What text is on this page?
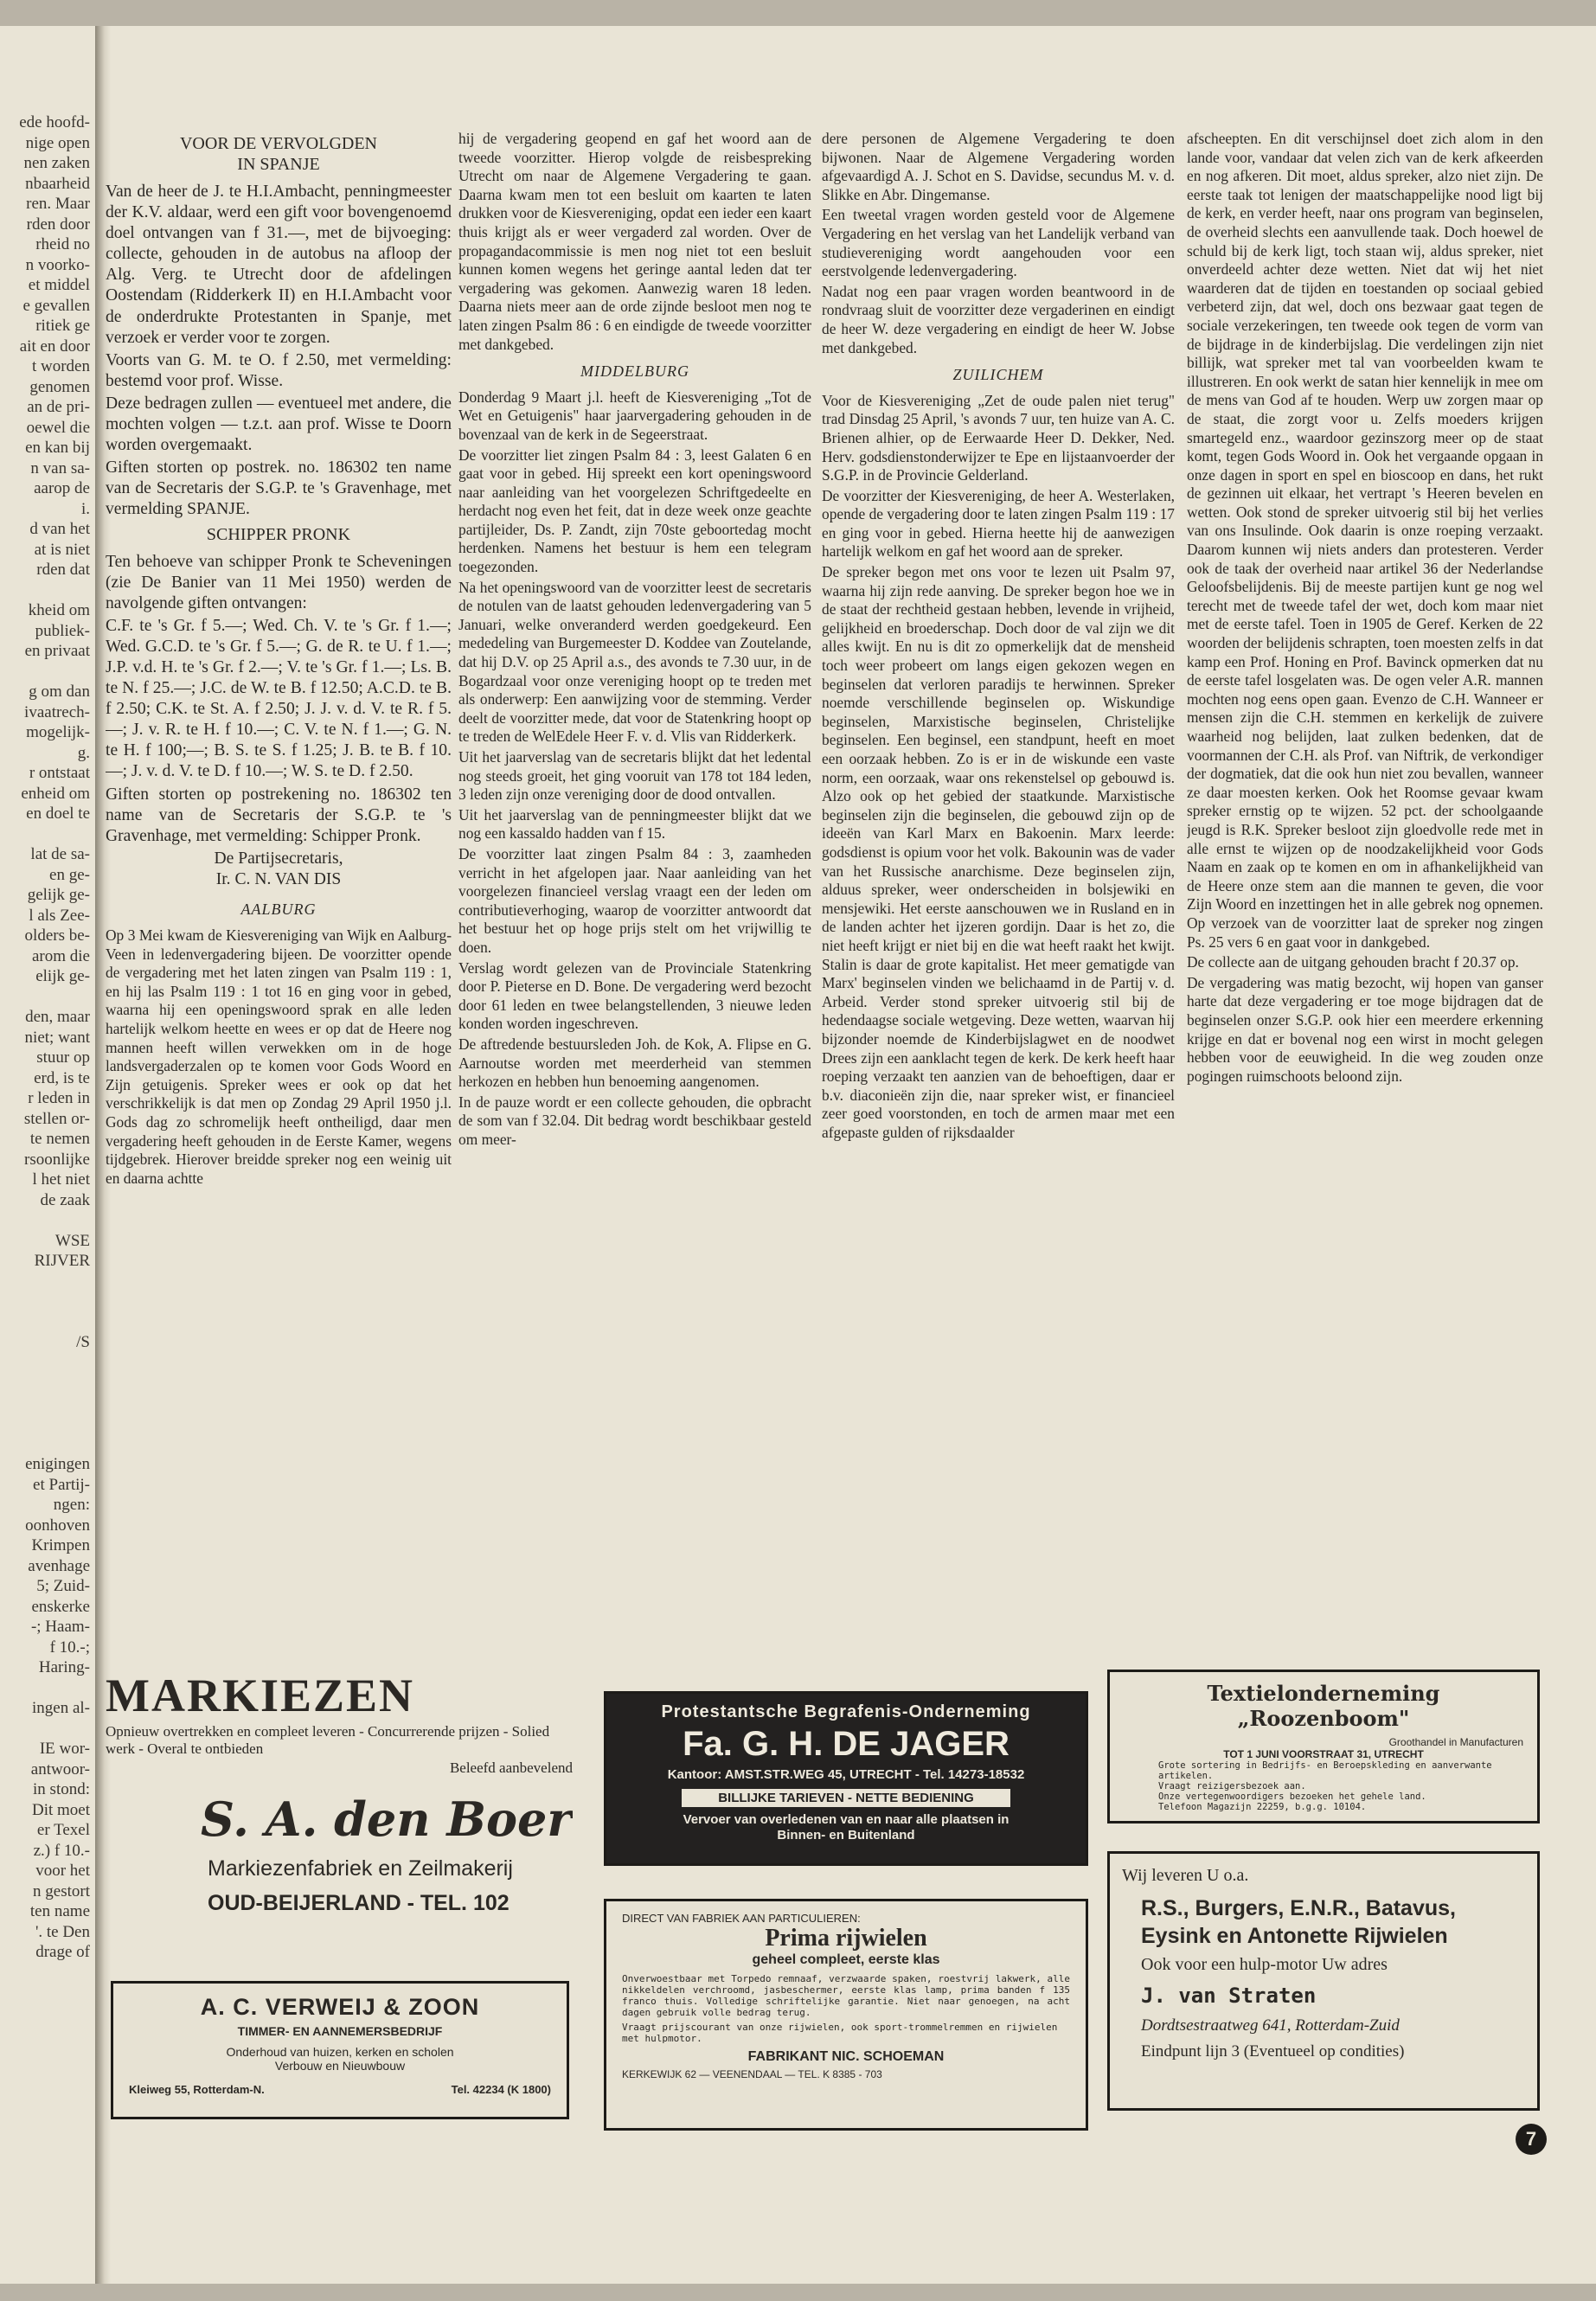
ede hoofd-
nige open
nen zaken
nbaarheid
ren. Maar
rden door
rheid no
n voorko-
et middel
e gevallen
ritiek ge
ait en door
t worden
genomen
an de pri-
oewel die
en kan bij
n van sa-
aarop de
i.
d van het
at is niet
rden dat

kheid om
publiek-
en privaat

g om dan
ivaatrech-
mogelijk-
g.
r ontstaat
enheid om
en doel te

lat de sa-
en ge-
gelijk ge-
l als Zee-
olders be-
arom die
elijk ge-

den, maar
niet; want
stuur op
erd, is te
r leden in
stellen or-
te nemen
rsoonlijke
l het niet
de zaak

WSE
RIJVER

/S

enigingen
et Partij-
ngen:
oonhoven
Krimpen
avenhage
5; Zuid-
enskerke
-; Haam-
f 10.-;
Haring-

ingen al-

IE wor-
antwoor-
in stond:
Dit moet
er Texel
z.) f 10.-
voor het
n gestort
ten name
'. te Den
drage of
VOOR DE VERVOLGDEN
IN SPANJE

Van de heer de J. te H.I.Ambacht, penningmeester der K.V. aldaar, werd een gift voor bovengenoemd doel ontvangen van f 31.—, met de bijvoeging: collecte, gehouden in de autobus na afloop der Alg. Verg. te Utrecht door de afdelingen Oostendam (Ridderkerk II) en H.I.Ambacht voor de onderdrukte Protestanten in Spanje, met verzoek er verder voor te zorgen.

Voorts van G. M. te O. f 2.50, met vermelding: bestemd voor prof. Wisse.

Deze bedragen zullen — eventueel met andere, die mochten volgen — t.z.t. aan prof. Wisse te Doorn worden overgemaakt.

Giften storten op postrek. no. 186302 ten name van de Secretaris der S.G.P. te 's Gravenhage, met vermelding SPANJE.

SCHIPPER PRONK

Ten behoeve van schipper Pronk te Scheveningen (zie De Banier van 11 Mei 1950) werden de navolgende giften ontvangen:

C.F. te 's Gr. f 5.—; Wed. Ch. V. te 's Gr. f 1.—; Wed. G.C.D. te 's Gr. f 5.—; G. de R. te U. f 1.—; J.P. v.d. H. te 's Gr. f 2.—; V. te 's Gr. f 1.—; Ls. B. te N. f 25.—; J.C. de W. te B. f 12.50; A.C.D. te B. f 2.50; C.K. te St. A. f 2.50; J. J. v. d. V. te R. f 5.—; J. v. R. te H. f 10.—; C. V. te N. f 1.—; G. N. te H. f 100;—; B. S. te S. f 1.25; J. B. te B. f 10.—; J. v. d. V. te D. f 10.—; W. S. te D. f 2.50.

Giften storten op postrekening no. 186302 ten name van de Secretaris der S.G.P. te 's Gravenhage, met vermelding: Schipper Pronk.

De Partijsecretaris,
Ir. C. N. VAN DIS
AALBURG

Op 3 Mei kwam de Kiesvereniging van Wijk en Aalburg-Veen in ledenvergadering bijeen. De voorzitter opende de vergadering met het laten zingen van Psalm 119 : 1, en hij las Psalm 119 : 1 tot 16 en ging voor in gebed, waarna hij een openingswoord sprak en alle leden hartelijk welkom heette en wees er op dat de Heere nog mannen heeft willen verwekken om in de hoge landsvergaderzalen op te komen voor Gods Woord en Zijn getuigenis. Spreker wees er ook op dat het verschrikkelijk is dat men op Zondag 29 April 1950 j.l. Gods dag zo schromelijk heeft ontheiligd, daar men vergadering heeft gehouden in de Eerste Kamer, wegens tijdgebrek. Hierover breidde spreker nog een weinig uit en daarna achtte

hij de vergadering geopend en gaf het woord aan de tweede voorzitter. Hierop volgde de reisbespreking Utrecht om naar de Algemene Vergadering te gaan. Daarna kwam men tot een besluit om kaarten te laten drukken voor de Kiesvereniging, opdat een ieder een kaart thuis krijgt als er weer vergaderd zal worden. Over de propagandacommissie is men nog niet tot een besluit kunnen komen wegens het geringe aantal leden dat ter vergadering was gekomen. Aanwezig waren 18 leden. Daarna niets meer aan de orde zijnde besloot men nog te laten zingen Psalm 86 : 6 en eindigde de tweede voorzitter met dankgebed.

MIDDELBURG

Donderdag 9 Maart j.l. heeft de Kiesvereniging „Tot de Wet en Getuigenis" haar jaarvergadering gehouden in de bovenzaal van de kerk in de Segeerstraat.

De voorzitter liet zingen Psalm 84 : 3, leest Galaten 6 en gaat voor in gebed. Hij spreekt een kort openingswoord naar aanleiding van het voorgelezen Schriftgedeelte en herdacht nog even het feit, dat in deze week onze geachte partijleider, Ds. P. Zandt, zijn 70ste geboortedag mocht herdenken. Namens het bestuur is hem een telegram toegezonden.

Na het openingswoord van de voorzitter leest de secretaris de notulen van de laatst gehouden ledenvergadering van 5 Januari, welke onveranderd werden goedgekeurd. Een mededeling van Burgemeester D. Koddee van Zoutelande, dat hij D.V. op 25 April a.s., des avonds te 7.30 uur, in de Bogardzaal voor onze vereniging hoopt op te treden met als onderwerp: Een aanwijzing voor de stemming. Verder deelt de voorzitter mede, dat voor de Statenkring hoopt op te treden de WelEdele Heer F. v. d. Vlis van Ridderkerk.

Uit het jaarverslag van de secretaris blijkt dat het ledental nog steeds groeit, het ging vooruit van 178 tot 184 leden, 3 leden zijn onze vereniging door de dood ontvallen.

Uit het jaarverslag van de penningmeester blijkt dat we nog een kassaldo hadden van f 15.

De voorzitter laat zingen Psalm 84 : 3, zaamheden verricht in het afgelopen jaar. Naar aanleiding van het voorgelezen financieel verslag vraagt een der leden om contributieverhoging, waarop de voorzitter antwoordt dat het bestuur het op hoge prijs stelt om het vrijwillig te doen.

Verslag wordt gelezen van de Provinciale Statenkring door P. Pieterse en D. Bone. De vergadering werd bezocht door 61 leden en twee belangstellenden, 3 nieuwe leden konden worden ingeschreven.

De aftredende bestuursleden Joh. de Kok, A. Flipse en G. Aarnoutse worden met meerderheid van stemmen herkozen en hebben hun benoeming aangenomen.

In de pauze wordt er een collecte gehouden, die opbracht de som van f 32.04. Dit bedrag wordt beschikbaar gesteld om meer-

dere personen de Algemene Vergadering te doen bijwonen. Naar de Algemene Vergadering worden afgevaardigd A. J. Schot en S. Davidse, secundus M. v. d. Slikke en Abr. Dingemanse.

Een tweetal vragen worden gesteld voor de Algemene Vergadering en het verslag van het Landelijk verband van studievereniging wordt aangehouden voor een eerstvolgende ledenvergadering.

Nadat nog een paar vragen worden beantwoord in de rondvraag sluit de voorzitter deze vergaderinen en eindigt de heer W. deze vergadering en eindigt de heer W. Jobse met dankgebed.

ZUILICHEM

Voor de Kiesvereniging „Zet de oude palen niet terug" trad Dinsdag 25 April, 's avonds 7 uur, ten huize van A. C. Brienen alhier, op de Eerwaarde Heer D. Dekker, Ned. Herv. godsdienstonderwijzer te Epe en lijstaanvoerder der S.G.P. in de Provincie Gelderland.

De voorzitter der Kiesvereniging, de heer A. Westerlaken, opende de vergadering door te laten zingen Psalm 119 : 17 en ging voor in gebed. Hierna heette hij de aanwezigen hartelijk welkom en gaf het woord aan de spreker.

De spreker begon met ons voor te lezen uit Psalm 97, waarna hij zijn rede aanving. De spreker begon hoe we in de staat der rechtheid gestaan hebben, levende in vrijheid, gelijkheid en broederschap. Doch door de val zijn we dit alles kwijt. En nu is dit zo opmerkelijk dat de mensheid toch weer probeert om langs eigen gekozen wegen en beginselen dat verloren paradijs te herwinnen. Spreker noemde verschillende beginselen op. Wiskundige beginselen, Marxistische beginselen, Christelijke beginselen. Een beginsel, een standpunt, heeft en moet een oorzaak hebben. Zo is er in de wiskunde een vaste norm, een oorzaak, waar ons rekenstelsel op gebouwd is. Alzo ook op het gebied der staatkunde. Marxistische beginselen zijn die beginselen, die gebouwd zijn op de ideeën van Karl Marx en Bakoenin. Marx leerde: godsdienst is opium voor het volk. Bakounin was de vader van het Russische anarchisme. Deze beginselen zijn, alduus spreker, weer onderscheiden in bolsjewiki en mensjewiki. Het eerste aanschouwen we in Rusland en in de landen achter het ijzeren gordijn. Daar is het zo, die niet heeft krijgt er niet bij en die wat heeft raakt het kwijt. Stalin is daar de grote kapitalist. Het meer gematigde van Marx' beginselen vinden we belichaamd in de Partij v. d. Arbeid. Verder stond spreker uitvoerig stil bij de hedendaagse sociale wetgeving. Deze wetten, waarvan hij bijzonder noemde de Kinderbijslagwet en de noodwet Drees zijn een aanklacht tegen de kerk. De kerk heeft haar roeping verzaakt ten aanzien van de behoeftigen, daar er b.v. diaconieën zijn die, naar spreker wist, er financieel zeer goed voorstonden, en toch de armen maar met een afgepaste gulden of rijksdaalder

afscheepten. En dit verschijnsel doet zich alom in den lande voor, vandaar dat velen zich van de kerk afkeerden en nog afkeren. Dit moet, aldus spreker, alzo niet zijn. De eerste taak tot lenigen der maatschappelijke nood ligt bij de kerk, en verder heeft, naar ons program van beginselen, de overheid slechts een aanvullende taak. Doch hoewel de schuld bij de kerk ligt, toch staan wij, aldus spreker, niet onverdeeld achter deze wetten. Niet dat wij het niet waarderen dat de tijden en toestanden op sociaal gebied verbeterd zijn, dat wel, doch ons bezwaar gaat tegen de sociale verzekeringen, ten tweede ook tegen de vorm van de bijdrage in de kinderbijslag. Die verdelingen zijn niet billijk, wat spreker met tal van voorbeelden kwam te illustreren. En ook werkt de satan hier kennelijk in mee om de mens van God af te houden. Werp uw zorgen maar op de staat, die zorgt voor u. Zelfs moeders krijgen smartegeld enz., waardoor gezinszorg meer op de staat komt, tegen Gods Woord in. Ook het vergaande opgaan in onze dagen in sport en spel en bioscoop en dans, het rukt de gezinnen uit elkaar, het vertrapt 's Heeren bevelen en wetten. Ook stond de spreker uitvoerig stil bij het verlies van ons Insulinde. Ook daarin is onze roeping verzaakt. Daarom kunnen wij niets anders dan protesteren. Verder ook de taak der overheid naar artikel 36 der Nederlandse Geloofsbelijdenis. Bij de meeste partijen kunt ge nog wel terecht met de tweede tafel der wet, doch kom maar niet met de eerste tafel. Toen in 1905 de Geref. Kerken de 22 woorden der belijdenis schrapten, toen moesten zelfs in dat kamp een Prof. Honing en Prof. Bavinck opmerken dat nu de eerste tafel losgelaten was. De ogen veler A.R. mannen mochten nog eens open gaan. Evenzo de C.H. Wanneer er mensen zijn die C.H. stemmen en kerkelijk de zuivere waarheid nog belijden, laat zulken bedenken, dat de voormannen der C.H. als Prof. van Niftrik, de verkondiger der dogmatiek, dat die ook hun niet zou bevallen, wanneer ze daar moesten kerken. Ook het Roomse gevaar kwam spreker ernstig op te wijzen. 52 pct. der schoolgaande jeugd is R.K. Spreker besloot zijn gloedvolle rede met in alle ernst te wijzen op de noodzakelijkheid voor Gods Naam en zaak op te komen en om in afhankelijkheid van de Heere onze stem aan die mannen te geven, die voor Zijn Woord en inzettingen het in alle gebrek nog opnemen. Op verzoek van de voorzitter laat de spreker nog zingen Ps. 25 vers 6 en gaat voor in dankgebed.

De collecte aan de uitgang gehouden bracht f 20.37 op.

De vergadering was matig bezocht, wij hopen van ganser harte dat deze vergadering er toe moge bijdragen dat de beginselen onzer S.G.P. ook hier een meerdere erkenning krijge en dat er bovenal nog een wirst in mocht gelegen hebben voor de eeuwigheid. In die weg zouden onze pogingen ruimschoots beloond zijn.

MARKIEZEN
Opnieuw overtrekken en compleet leveren - Concurrerende prijzen - Solied werk - Overal te ontbieden
Beleefd aanbevelend
S. A. den Boer
Markiezenfabriek en Zeilmakerij
OUD-BEIJERLAND - TEL. 102
A. C. VERWEIJ & ZOON
TIMMER- EN AANNEMERSBEDRIJF
Onderhoud van huizen, kerken en scholen
Verbouw en Nieuwbouw
Kleiweg 55, Rotterdam-N.	Tel. 42234 (K 1800)
Protestantsche Begrafenis-Onderneming
Fa. G. H. DE JAGER
Kantoor: AMST.STR.WEG 45, UTRECHT - Tel. 14273-18532
BILLIJKE TARIEVEN - NETTE BEDIENING
Vervoer van overledenen van en naar alle plaatsen in Binnen- en Buitenland
DIRECT VAN FABRIEK AAN PARTICULIEREN:
Prima rijwielen
geheel compleet, eerste klas
Onverwoestbaar met Torpedo remnaaf, verzwaarde spaken, roestvrij lakwerk, alle nikkeldelen verchroomd, jasbeschermer, eerste klas lamp, prima banden f 135 franco thuis. Volledige schriftelijke garantie. Niet naar genoegen, na acht dagen gebruik volle bedrag terug.
Vraagt prijscourant van onze rijwielen, ook sport-trommelremmen en rijwielen met hulpmotor.
FABRIKANT NIC. SCHOEMAN
KERKEWIJK 62 — VEENENDAAL — TEL. K 8385 - 703
Textielonderneming „Roozenboom"
Groothandel in Manufacturen
TOT 1 JUNI VOORSTRAAT 31, UTRECHT
Grote sortering in Bedrijfs- en Beroepskleding en aanverwante artikelen.
Vraagt reizigersbezoek aan.
Onze vertegenwoordigers bezoeken het gehele land.
Telefoon Magazijn 22259, b.g.g. 10104.
Wij leveren U o.a.
R.S., Burgers, E.N.R., Batavus, Eysink en Antonette Rijwielen
Ook voor een hulp-motor Uw adres
J. van Straten
Dordtsestraatweg 641, Rotterdam-Zuid
Eindpunt lijn 3 (Eventueel op condities)
7
